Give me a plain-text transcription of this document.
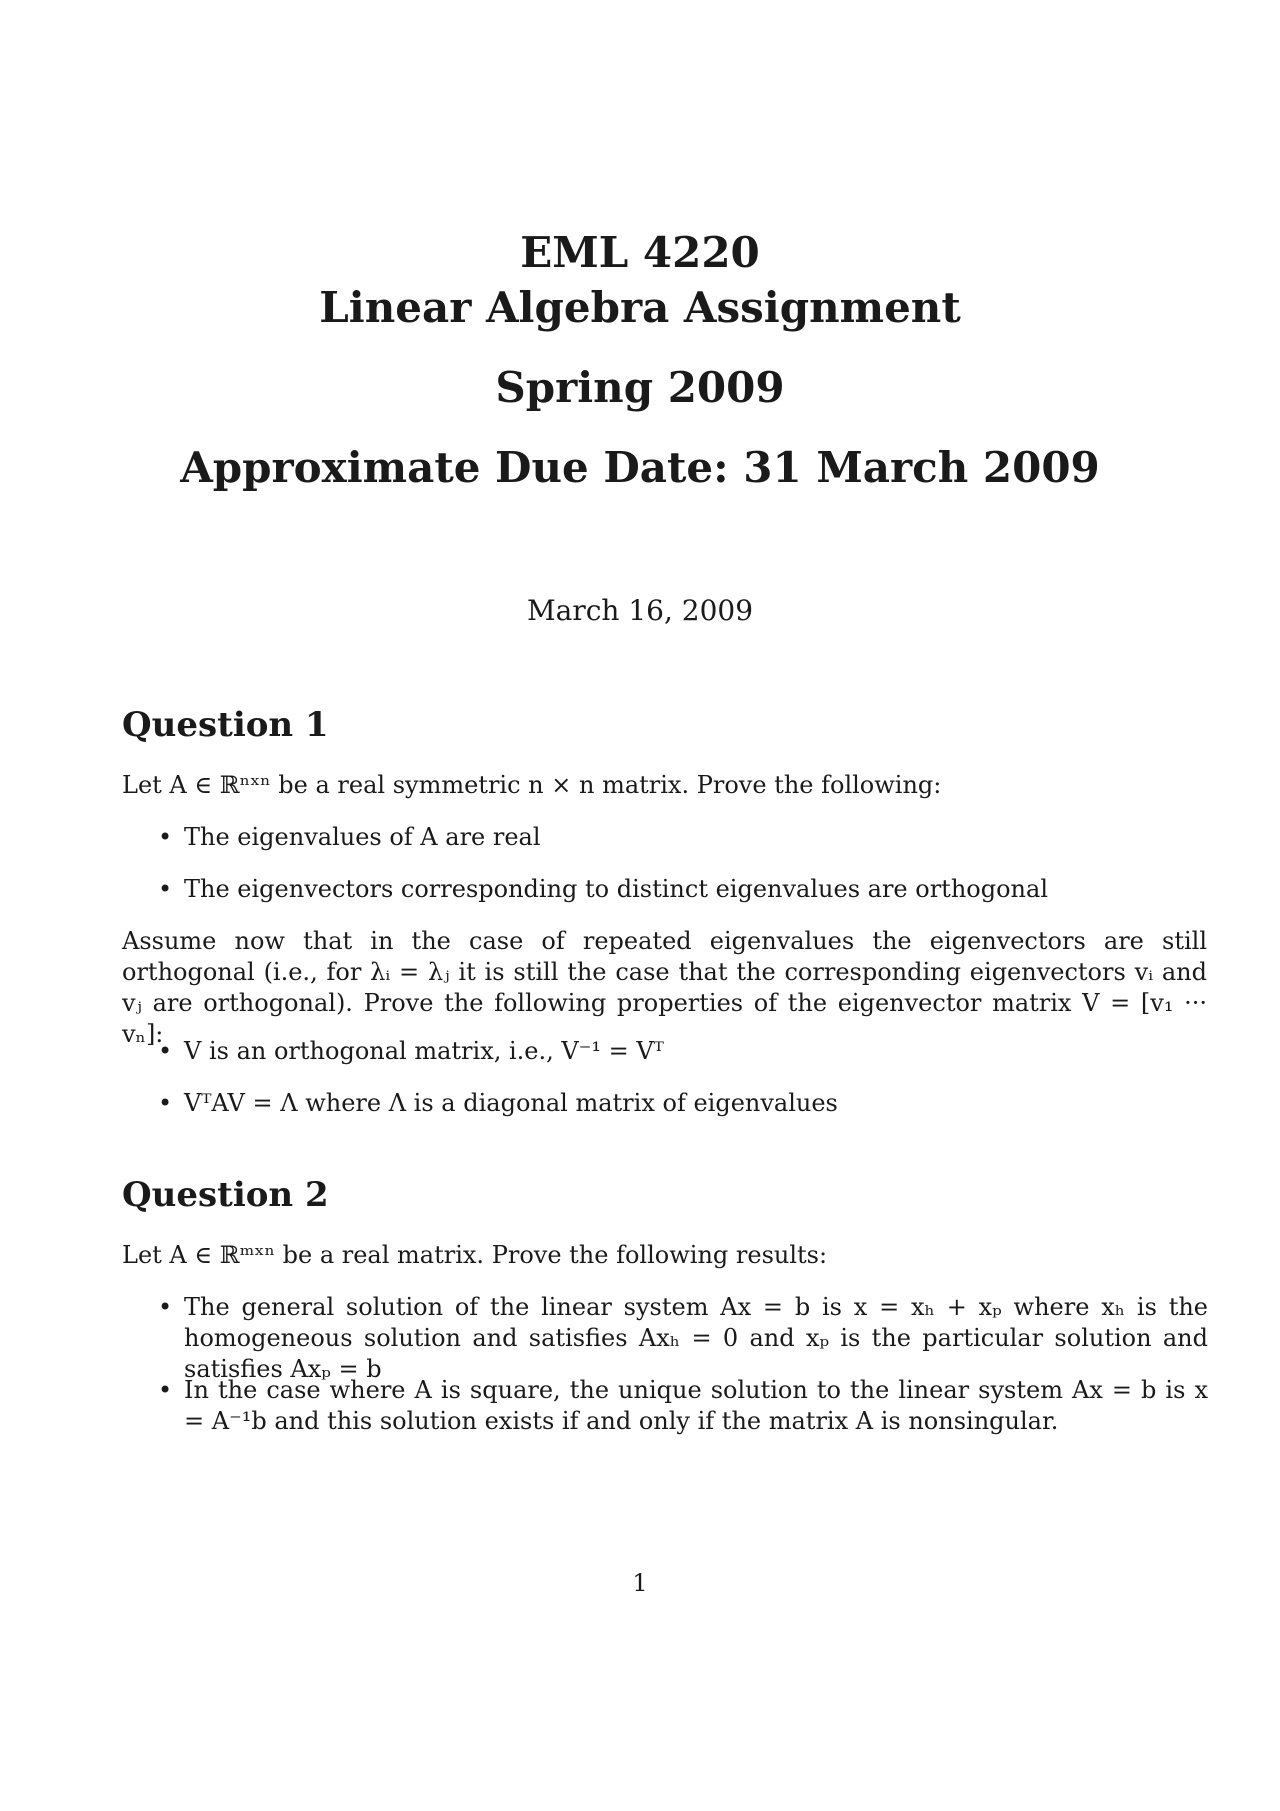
EML 4220
Linear Algebra Assignment
Spring 2009
Approximate Due Date: 31 March 2009
March 16, 2009
Question 1
Let A ∈ ℝⁿˣⁿ be a real symmetric n × n matrix. Prove the following:
• The eigenvalues of A are real
• The eigenvectors corresponding to distinct eigenvalues are orthogonal
Assume now that in the case of repeated eigenvalues the eigenvectors are still orthogonal (i.e., for λᵢ = λⱼ it is still the case that the corresponding eigenvectors vᵢ and vⱼ are orthogonal). Prove the following properties of the eigenvector matrix V = [v₁ ··· vₙ]:
• V is an orthogonal matrix, i.e., V⁻¹ = Vᵀ
• VᵀAV = Λ where Λ is a diagonal matrix of eigenvalues
Question 2
Let A ∈ ℝᵐˣⁿ be a real matrix. Prove the following results:
• The general solution of the linear system Ax = b is x = xₕ + xₚ where xₕ is the homogeneous solution and satisfies Axₕ = 0 and xₚ is the particular solution and satisfies Axₚ = b
• In the case where A is square, the unique solution to the linear system Ax = b is x = A⁻¹b and this solution exists if and only if the matrix A is nonsingular.
1
